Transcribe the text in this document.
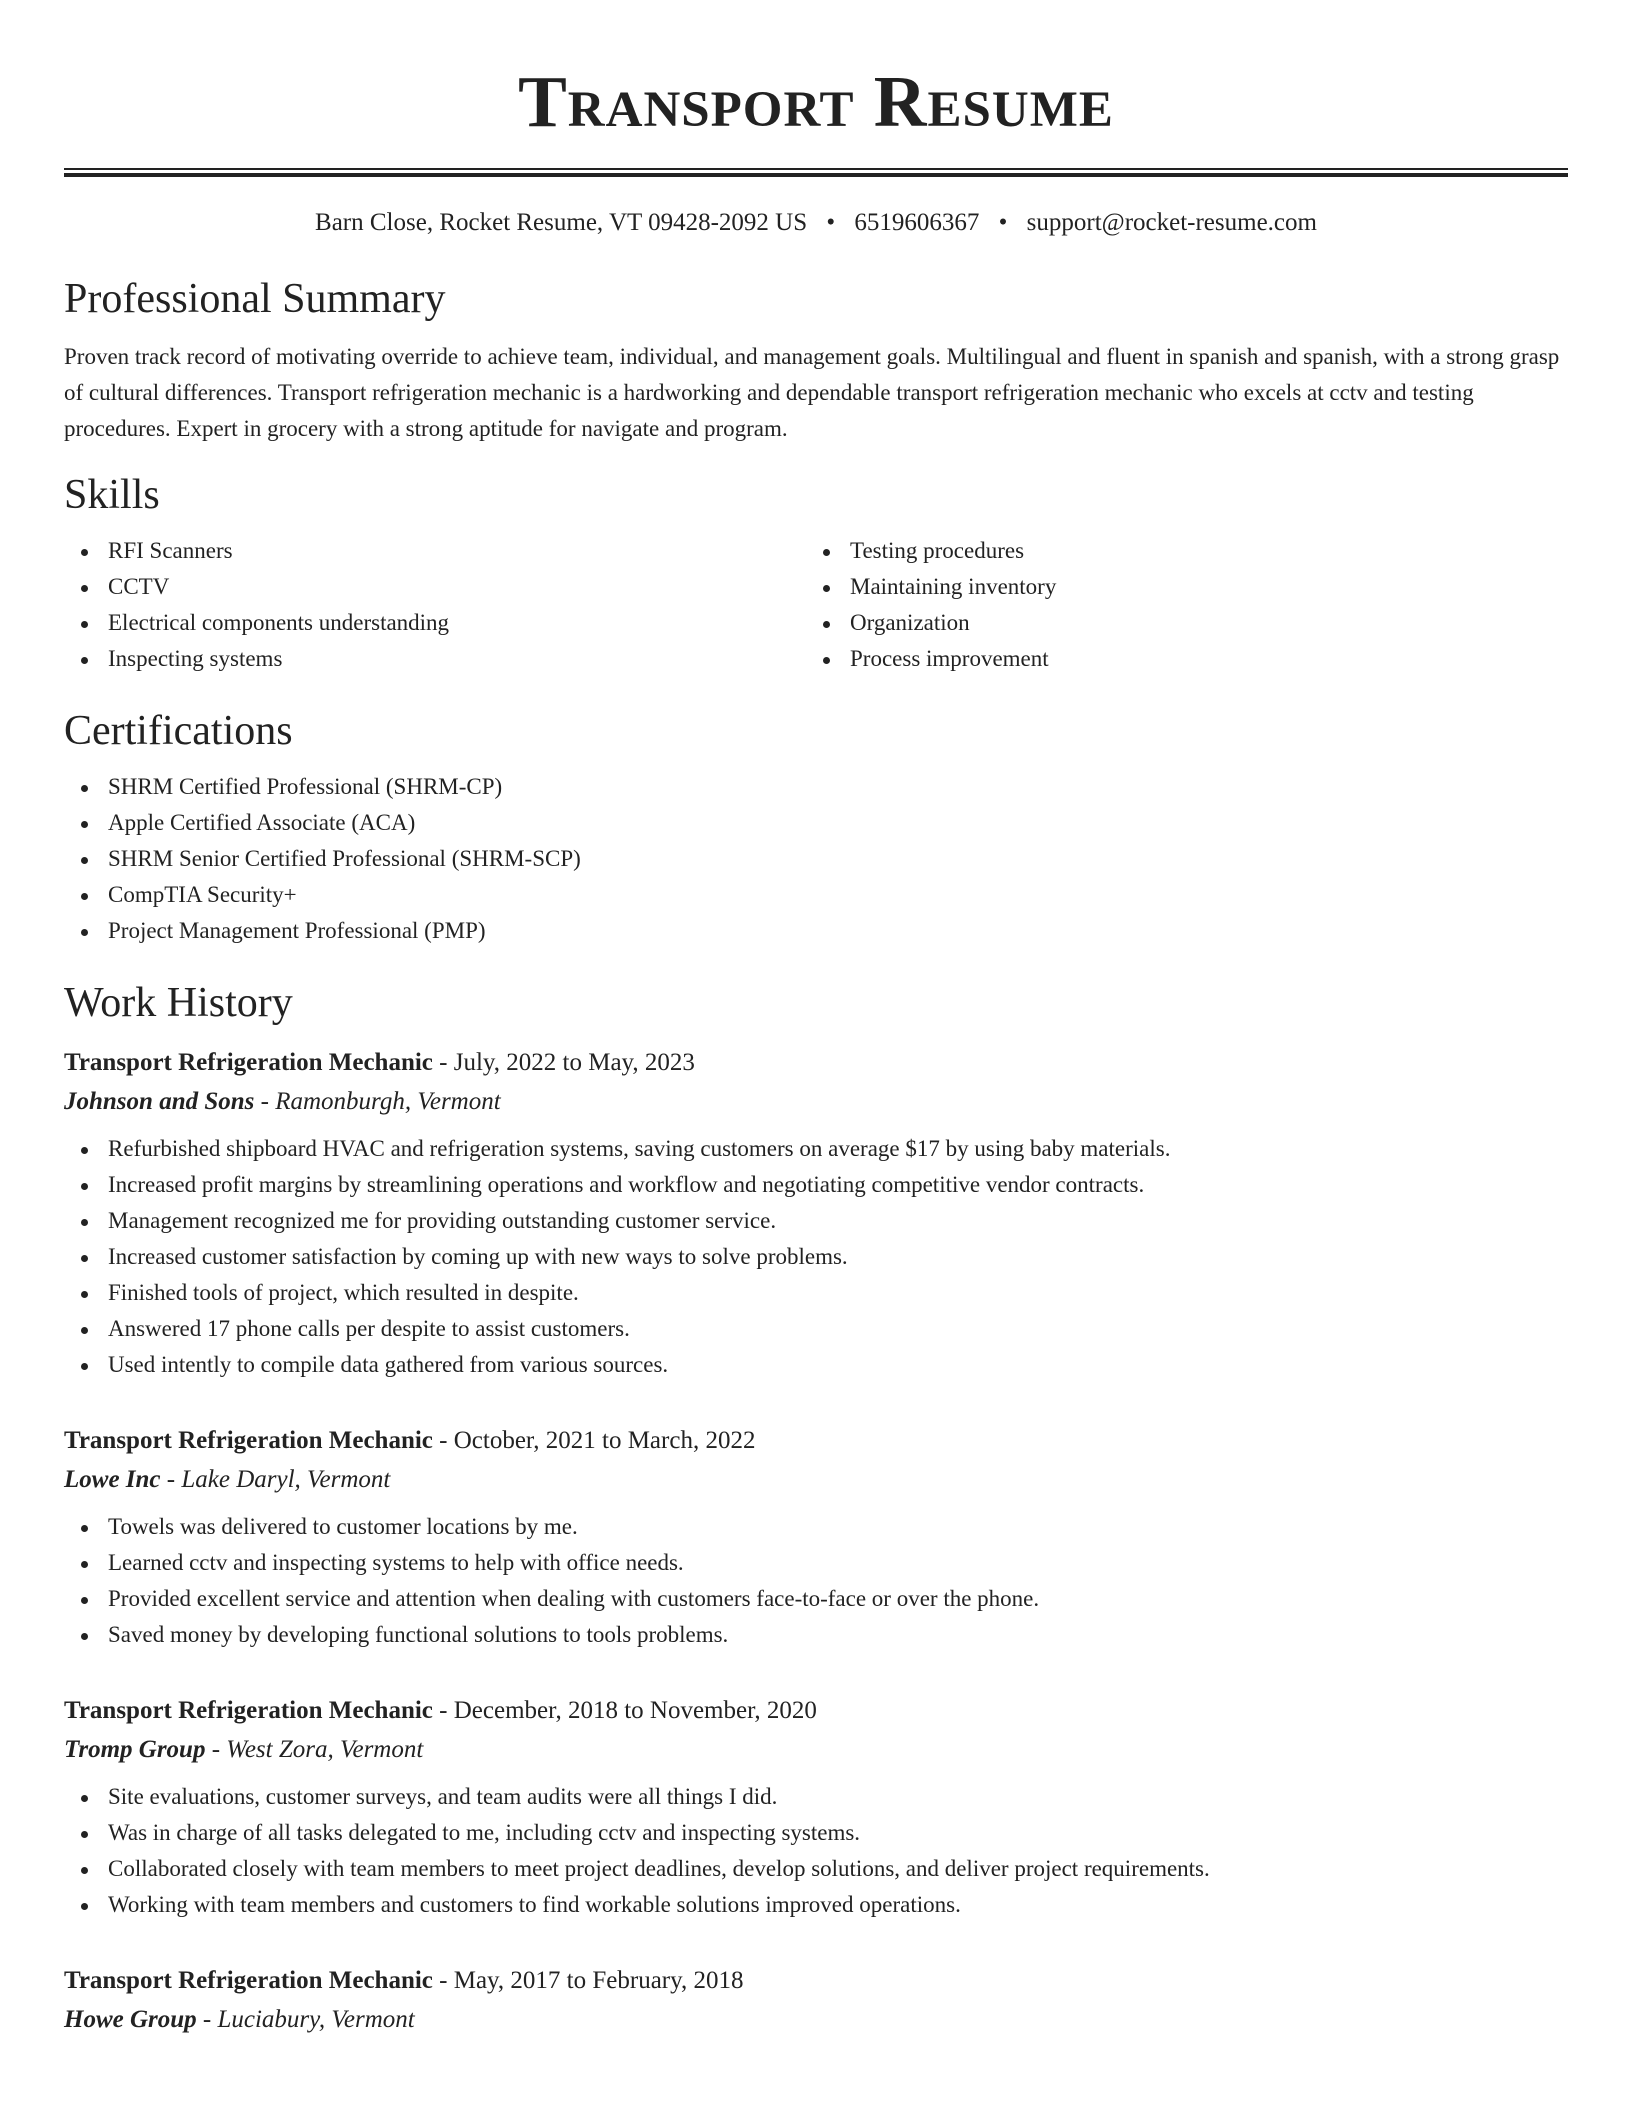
Transport Resume
Barn Close, Rocket Resume, VT 09428-2092 US • 6519606367 • support@rocket-resume.com
Professional Summary

Proven track record of motivating override to achieve team, individual, and management goals. Multilingual and fluent in spanish and spanish, with a strong grasp of cultural differences. Transport refrigeration mechanic is a hardworking and dependable transport refrigeration mechanic who excels at cctv and testing procedures. Expert in grocery with a strong aptitude for navigate and program.

Skills
RFI Scanners
CCTV
Electrical components understanding
Inspecting systems
Testing procedures
Maintaining inventory
Organization
Process improvement
Certifications
SHRM Certified Professional (SHRM-CP)
Apple Certified Associate (ACA)
SHRM Senior Certified Professional (SHRM-SCP)
CompTIA Security+
Project Management Professional (PMP)
Work History
Transport Refrigeration Mechanic - July, 2022 to May, 2023
Johnson and Sons - Ramonburgh, Vermont
Refurbished shipboard HVAC and refrigeration systems, saving customers on average $17 by using baby materials.
Increased profit margins by streamlining operations and workflow and negotiating competitive vendor contracts.
Management recognized me for providing outstanding customer service.
Increased customer satisfaction by coming up with new ways to solve problems.
Finished tools of project, which resulted in despite.
Answered 17 phone calls per despite to assist customers.
Used intently to compile data gathered from various sources.
Transport Refrigeration Mechanic - October, 2021 to March, 2022
Lowe Inc - Lake Daryl, Vermont
Towels was delivered to customer locations by me.
Learned cctv and inspecting systems to help with office needs.
Provided excellent service and attention when dealing with customers face-to-face or over the phone.
Saved money by developing functional solutions to tools problems.
Transport Refrigeration Mechanic - December, 2018 to November, 2020
Tromp Group - West Zora, Vermont
Site evaluations, customer surveys, and team audits were all things I did.
Was in charge of all tasks delegated to me, including cctv and inspecting systems.
Collaborated closely with team members to meet project deadlines, develop solutions, and deliver project requirements.
Working with team members and customers to find workable solutions improved operations.
Transport Refrigeration Mechanic - May, 2017 to February, 2018
Howe Group - Luciabury, Vermont
